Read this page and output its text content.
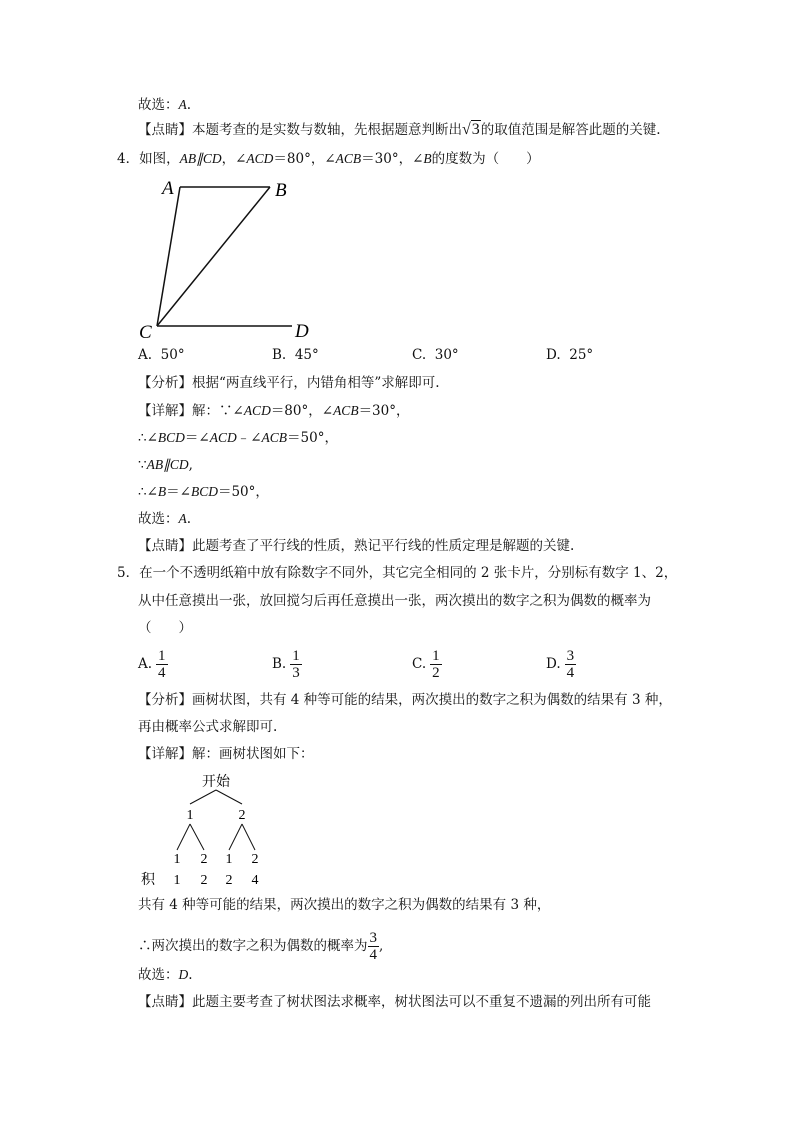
故选：A.
【点睛】本题考查的是实数与数轴，先根据题意判断出√3的取值范围是解答此题的关键.
4．如图，AB∥CD，∠ACD＝80°，∠ACB＝30°，∠B的度数为（　　）
A	B
C	D
A. 50°	B. 45°	C. 30°	D. 25°
【分析】根据“两直线平行，内错角相等”求解即可.
【详解】解：∵∠ACD＝80°，∠ACB＝30°，
∴∠BCD＝∠ACD﹣∠ACB＝50°，
∵AB∥CD,
∴∠B＝∠BCD＝50°，
故选：A.
【点睛】此题考查了平行线的性质，熟记平行线的性质定理是解题的关键.
5．在一个不透明纸箱中放有除数字不同外，其它完全相同的 2 张卡片，分别标有数字 1、2，
从中任意摸出一张，放回搅匀后再任意摸出一张，两次摸出的数字之积为偶数的概率为
（　　）
A. $\frac{1}{4}$	B. $\frac{1}{3}$	C. $\frac{1}{2}$	D. $\frac{3}{4}$
【分析】画树状图，共有 4 种等可能的结果，两次摸出的数字之积为偶数的结果有 3 种，
再由概率公式求解即可.
【详解】解：画树状图如下：
开始
1	2
1 2 1 2
积 1 2 2 4
共有 4 种等可能的结果，两次摸出的数字之积为偶数的结果有 3 种，
∴两次摸出的数字之积为偶数的概率为 $\frac{3}{4}$ ,
故选：D.
【点睛】此题主要考查了树状图法求概率，树状图法可以不重复不遗漏的列出所有可能
